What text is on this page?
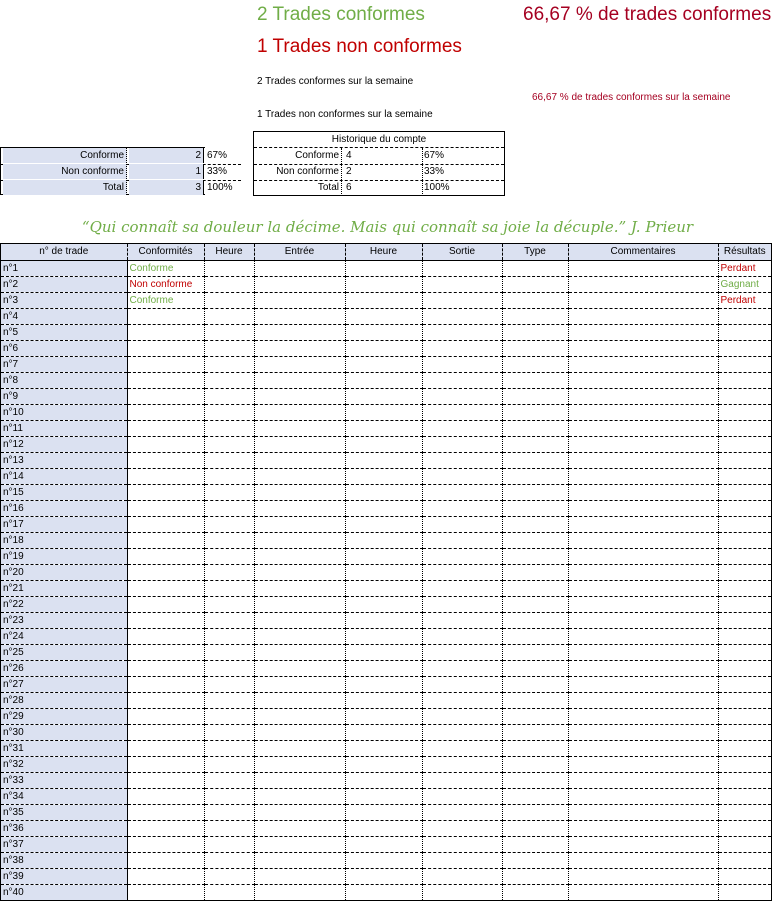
2 Trades conformes	66,67 % de trades conformes
1 Trades non conformes
2 Trades conformes sur la semaine
66,67 % de trades conformes sur la semaine
1 Trades non conformes sur la semaine
Conforme	2 67%
Non conforme	1 33%
Total	3 100%
Historique du compte
Conforme 4	67%
Non conforme 2	33%
Total 6	100%
“Qui connaît sa douleur la décime. Mais qui connaît sa joie la décuple.” J. Prieur
n° de trade	Conformités	Heure	Entrée	Heure	Sortie	Type	Commentaires	Résultats
n°1	Conforme							Perdant
n°2	Non conforme							Gagnant
n°3	Conforme							Perdant
n°4								
n°5								
n°6								
n°7								
n°8								
n°9								
n°10								
n°11								
n°12								
n°13								
n°14								
n°15								
n°16								
n°17								
n°18								
n°19								
n°20								
n°21								
n°22								
n°23								
n°24								
n°25								
n°26								
n°27								
n°28								
n°29								
n°30								
n°31								
n°32								
n°33								
n°34								
n°35								
n°36								
n°37								
n°38								
n°39								
n°40								
